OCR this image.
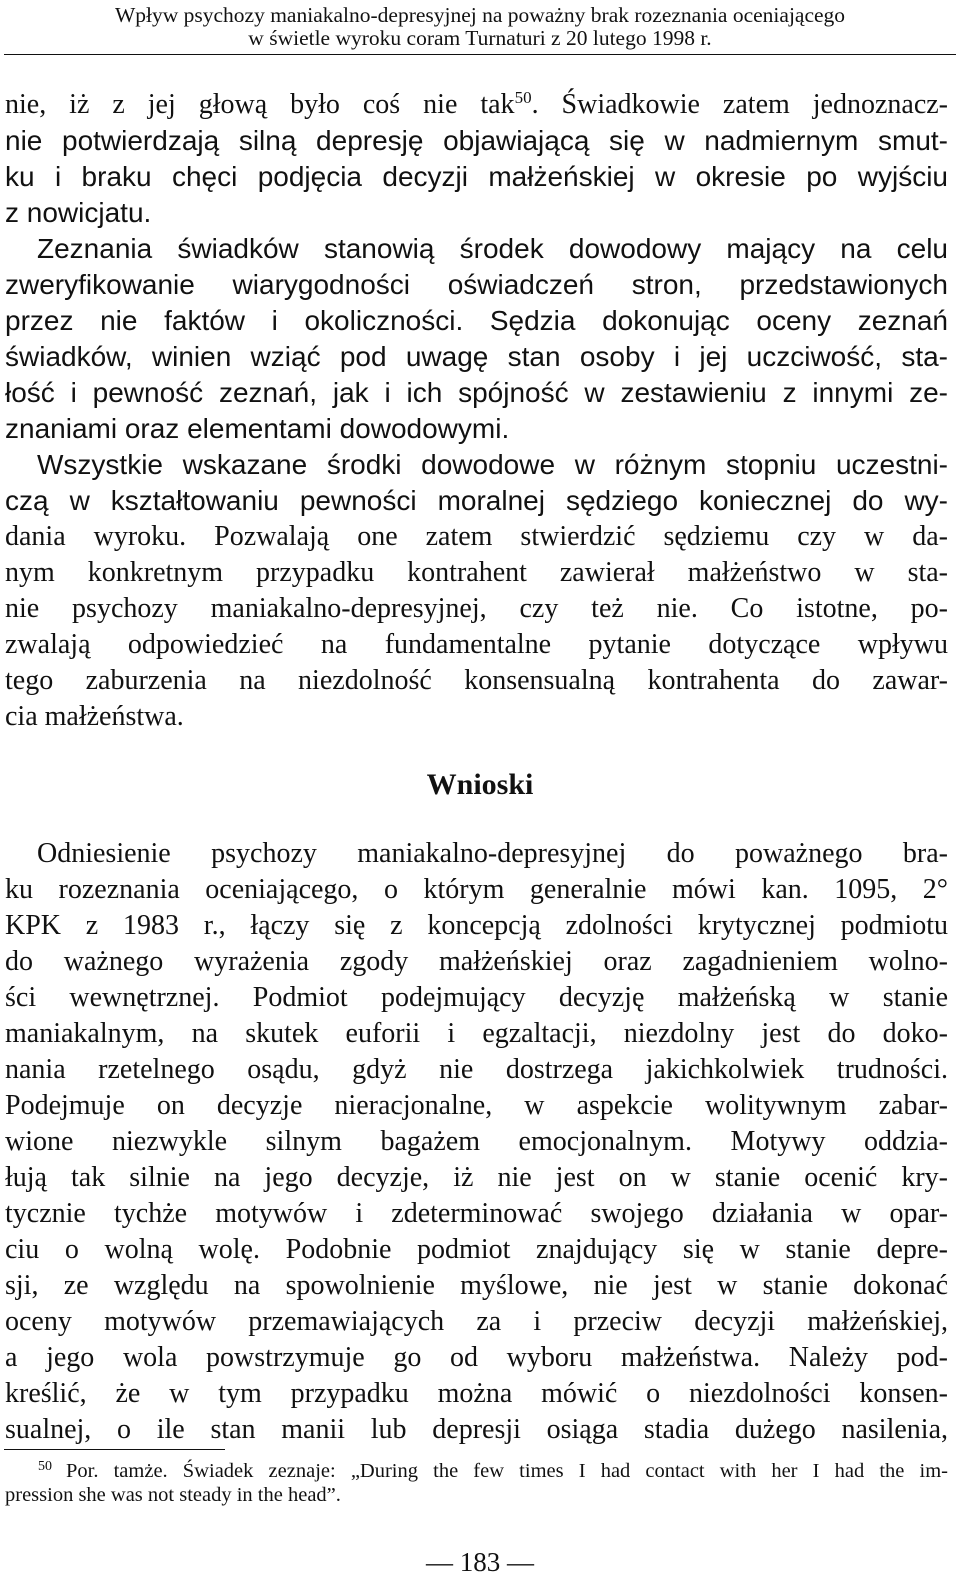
Wpływ psychozy maniakalno-depresyjnej na poważny brak rozeznania oceniającego
w świetle wyroku coram Turnaturi z 20 lutego 1998 r.
nie, iż z jej głową było coś nie tak$^{50}$. Świadkowie zatem jednoznacz-
nie potwierdzają silną depresję objawiającą się w nadmiernym smut-
ku i braku chęci podjęcia decyzji małżeńskiej w okresie po wyjściu
z nowicjatu.
Zeznania świadków stanowią środek dowodowy mający na celu
zweryfikowanie wiarygodności oświadczeń stron, przedstawionych
przez nie faktów i okoliczności. Sędzia dokonując oceny zeznań
świadków, winien wziąć pod uwagę stan osoby i jej uczciwość, sta-
łość i pewność zeznań, jak i ich spójność w zestawieniu z innymi ze-
znaniami oraz elementami dowodowymi.
Wszystkie wskazane środki dowodowe w różnym stopniu uczestni-
czą w kształtowaniu pewności moralnej sędziego koniecznej do wy-
dania wyroku. Pozwalają one zatem stwierdzić sędziemu czy w da-
nym konkretnym przypadku kontrahent zawierał małżeństwo w sta-
nie psychozy maniakalno-depresyjnej, czy też nie. Co istotne, po-
zwalają odpowiedzieć na fundamentalne pytanie dotyczące wpływu
tego zaburzenia na niezdolność konsensualną kontrahenta do zawar-
cia małżeństwa.
Wnioski
Odniesienie psychozy maniakalno-depresyjnej do poważnego bra-
ku rozeznania oceniającego, o którym generalnie mówi kan. 1095, 2°
KPK z 1983 r., łączy się z koncepcją zdolności krytycznej podmiotu
do ważnego wyrażenia zgody małżeńskiej oraz zagadnieniem wolno-
ści wewnętrznej. Podmiot podejmujący decyzję małżeńską w stanie
maniakalnym, na skutek euforii i egzaltacji, niezdolny jest do doko-
nania rzetelnego osądu, gdyż nie dostrzega jakichkolwiek trudności.
Podejmuje on decyzje nieracjonalne, w aspekcie wolitywnym zabar-
wione niezwykle silnym bagażem emocjonalnym. Motywy oddzia-
łują tak silnie na jego decyzje, iż nie jest on w stanie ocenić kry-
tycznie tychże motywów i zdeterminować swojego działania w opar-
ciu o wolną wolę. Podobnie podmiot znajdujący się w stanie depre-
sji, ze względu na spowolnienie myślowe, nie jest w stanie dokonać
oceny motywów przemawiających za i przeciw decyzji małżeńskiej,
a jego wola powstrzymuje go od wyboru małżeństwa. Należy pod-
kreślić, że w tym przypadku można mówić o niezdolności konsen-
sualnej, o ile stan manii lub depresji osiąga stadia dużego nasilenia,
$^{50}$ Por. tamże. Świadek zeznaje: „During the few times I had contact with her I had the im-
pression she was not steady in the head”.
— 183 —
